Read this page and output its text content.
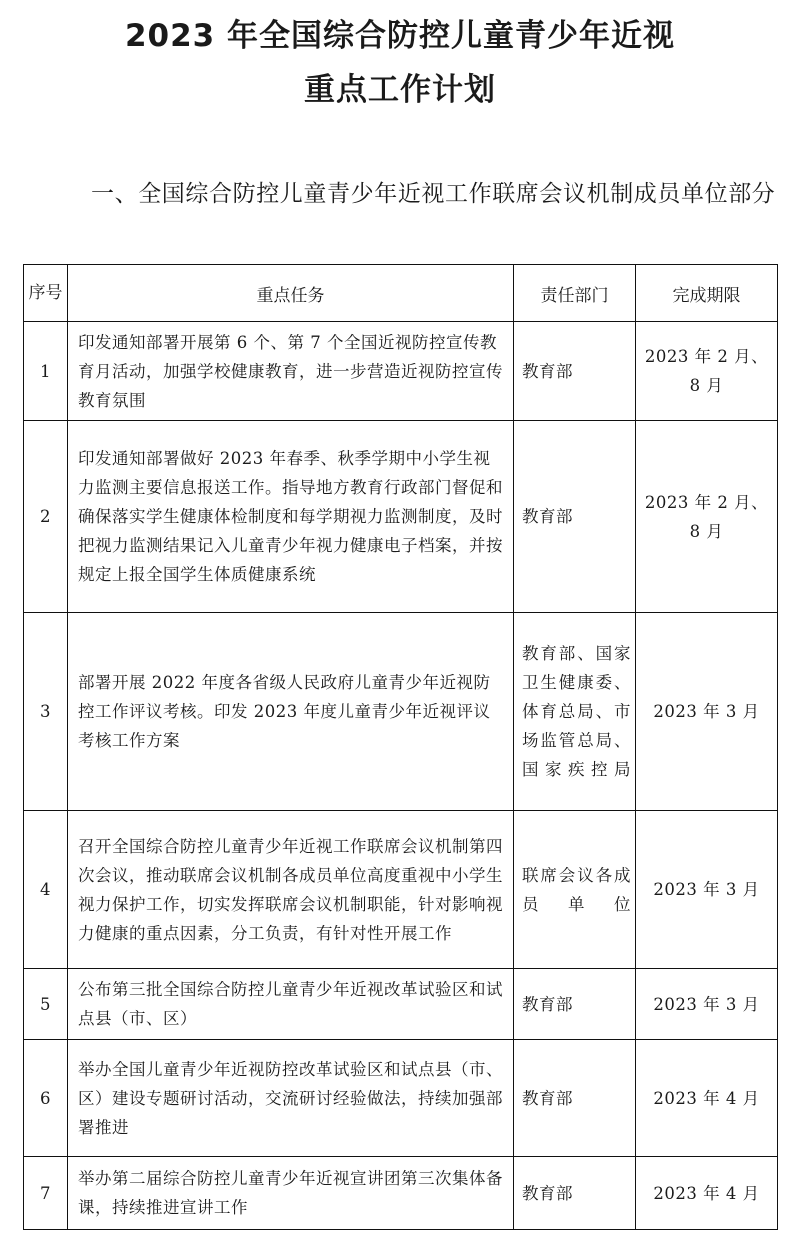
2023 年全国综合防控儿童青少年近视
重点工作计划

一、全国综合防控儿童青少年近视工作联席会议机制成员单位部分

序号	重点任务	责任部门	完成期限
1	印发通知部署开展第 6 个、第 7 个全国近视防控宣传教育月活动，加强学校健康教育，进一步营造近视防控宣传教育氛围	教育部	2023 年 2 月、8 月
2	印发通知部署做好 2023 年春季、秋季学期中小学生视力监测主要信息报送工作。指导地方教育行政部门督促和确保落实学生健康体检制度和每学期视力监测制度，及时把视力监测结果记入儿童青少年视力健康电子档案，并按规定上报全国学生体质健康系统	教育部	2023 年 2 月、8 月
3	部署开展 2022 年度各省级人民政府儿童青少年近视防控工作评议考核。印发 2023 年度儿童青少年近视评议考核工作方案	教育部、国家卫生健康委、体育总局、市场监管总局、国家疾控局	2023 年 3 月
4	召开全国综合防控儿童青少年近视工作联席会议机制第四次会议，推动联席会议机制各成员单位高度重视中小学生视力保护工作，切实发挥联席会议机制职能，针对影响视力健康的重点因素，分工负责，有针对性开展工作	联席会议各成员单位	2023 年 3 月
5	公布第三批全国综合防控儿童青少年近视改革试验区和试点县（市、区）	教育部	2023 年 3 月
6	举办全国儿童青少年近视防控改革试验区和试点县（市、区）建设专题研讨活动，交流研讨经验做法，持续加强部署推进	教育部	2023 年 4 月
7	举办第二届综合防控儿童青少年近视宣讲团第三次集体备课，持续推进宣讲工作	教育部	2023 年 4 月
